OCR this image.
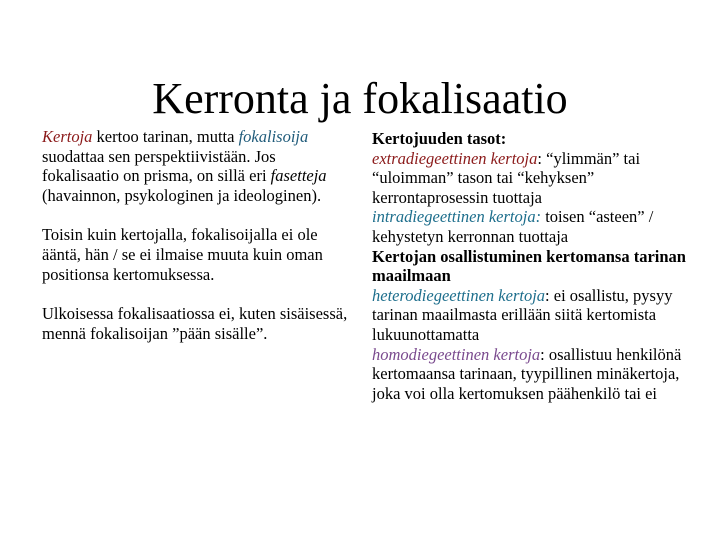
Kerronta ja fokalisaatio

Kertoja kertoo tarinan, mutta fokalisoija suodattaa sen perspektiivistään. Jos fokalisaatio on prisma, on sillä eri fasetteja (havainnon, psykologinen ja ideologinen).

Toisin kuin kertojalla, fokalisoijalla ei ole ääntä, hän / se ei ilmaise muuta kuin oman positionsa kertomuksessa.

Ulkoisessa fokalisaatiossa ei, kuten sisäisessä, mennä fokalisoijan ”pään sisälle”.

Kertojuuden tasot:

extradiegeettinen kertoja: “ylimmän” tai “uloimman” tason tai “kehyksen” kerrontaprosessin tuottaja

intradiegeettinen kertoja: toisen “asteen” / kehystetyn kerronnan tuottaja

Kertojan osallistuminen kertomansa tarinan maailmaan

heterodiegeettinen kertoja: ei osallistu, pysyy tarinan maailmasta erillään siitä kertomista lukuunottamatta

homodiegeettinen kertoja: osallistuu henkilönä kertomaansa tarinaan, tyypillinen minäkertoja, joka voi olla kertomuksen päähenkilö tai ei
